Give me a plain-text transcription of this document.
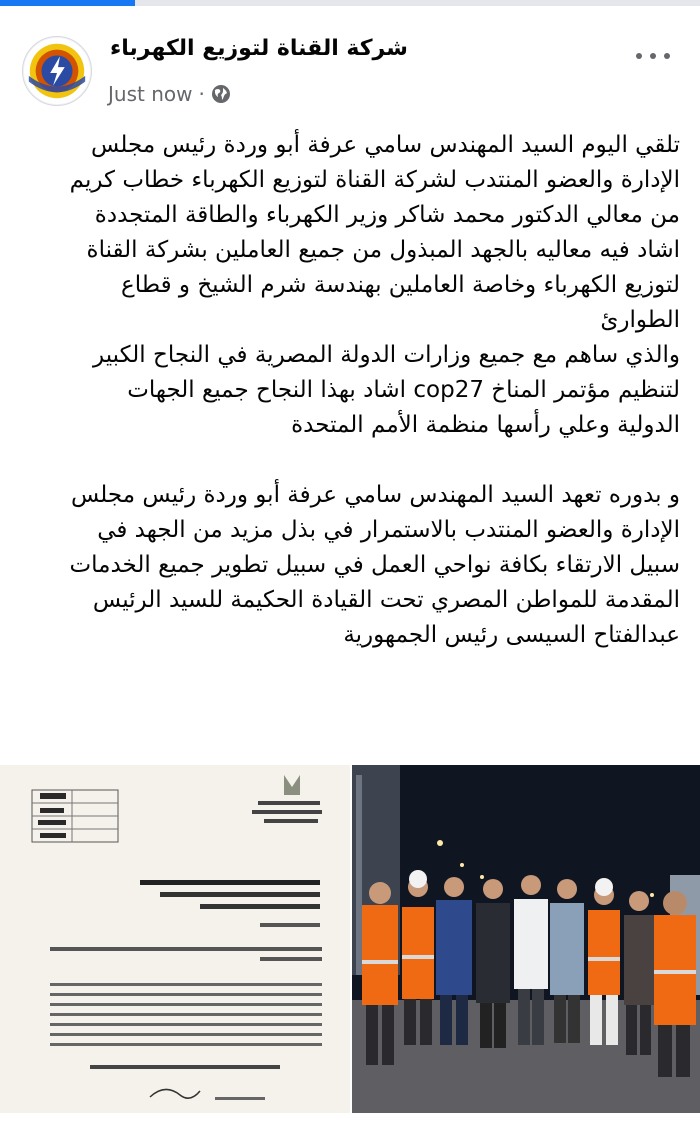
شركة القناة لتوزيع الكهرباء
Just now ·

تلقي اليوم السيد المهندس سامي عرفة أبو وردة رئيس مجلس

الإدارة والعضو المنتدب لشركة القناة لتوزيع الكهرباء خطاب كريم

من معالي الدكتور محمد شاكر وزير الكهرباء والطاقة المتجددة

اشاد فيه معاليه بالجهد المبذول من جميع العاملين بشركة القناة

لتوزيع الكهرباء وخاصة العاملين بهندسة شرم الشيخ و قطاع

الطوارئ

والذي ساهم مع جميع وزارات الدولة المصرية في النجاح الكبير

لتنظيم مؤتمر المناخ cop27 اشاد بهذا النجاح جميع الجهات

الدولية وعلي رأسها منظمة الأمم المتحدة

و بدوره تعهد السيد المهندس سامي عرفة أبو وردة رئيس مجلس

الإدارة والعضو المنتدب بالاستمرار في بذل مزيد من الجهد في

سبيل الارتقاء بكافة نواحي العمل في سبيل تطوير جميع الخدمات

المقدمة للمواطن المصري تحت القيادة الحكيمة للسيد الرئيس

عبدالفتاح السيسى رئيس الجمهورية
